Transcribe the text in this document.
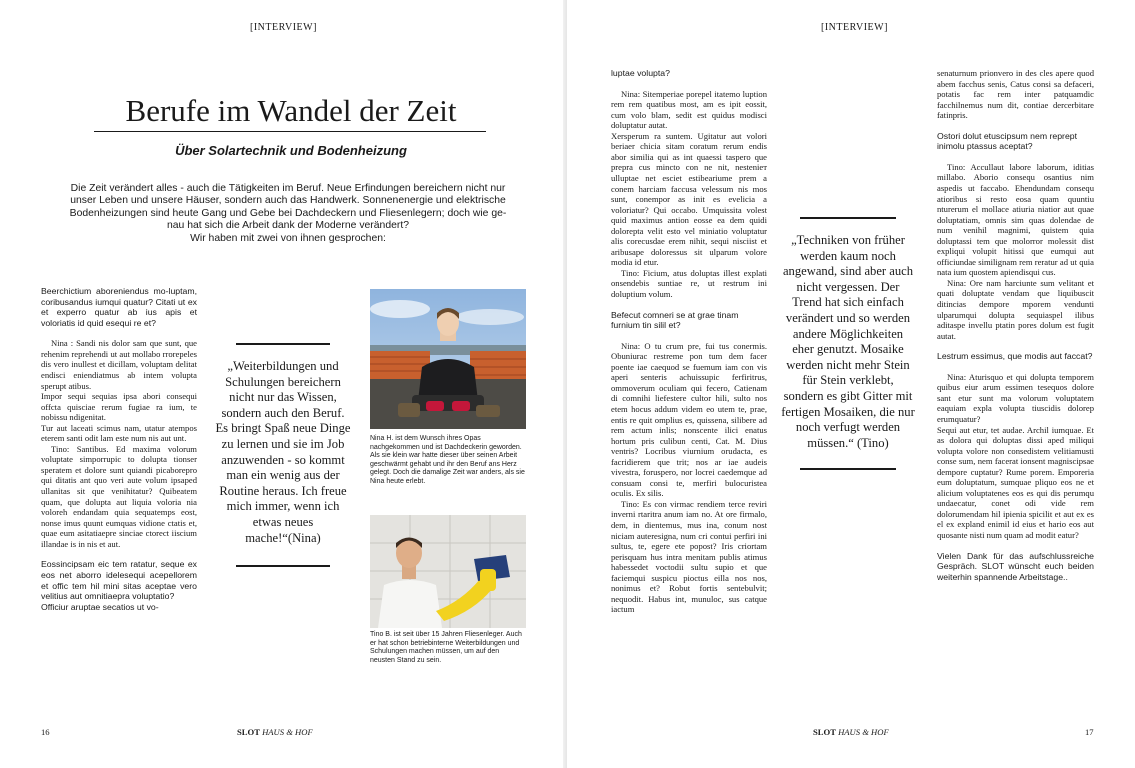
[INTERVIEW]
Berufe im Wandel der Zeit
Über Solartechnik und Bodenheizung
Die Zeit verändert alles - auch die Tätigkeiten im Beruf. Neue Erfindungen bereichern nicht nur
unser Leben und unsere Häuser, sondern auch das Handwerk. Sonnenenergie und elektrische
Bodenheizungen sind heute Gang und Gebe bei Dachdeckern und Fliesenlegern; doch wie ge-
nau hat sich die Arbeit dank der Moderne verändert?
Wir haben mit zwei von ihnen gesprochen:

Beerchictium aboreniendus mo-luptam, coribusandus iumqui quatur? Citati ut ex et experro quatur ab ius apis et voloriatis id quid esequi re et?

Nina : Sandi nis dolor sam que sunt, que rehenim reprehendi ut aut mollabo rrorepeles dis vero inullest et dicillam, voluptam delitat endisci eniendiatmus ab intem volupta sperupt atibus.

Impor sequi sequias ipsa abori consequi offcta quisciae rerum fugiae ra ium, te nobissu ndigenitat.

Tur aut laceati scimus nam, utatur atempos eterem santi odit lam este num nis aut unt.

Tino: Santibus. Ed maxima volorum voluptate simporrupic to dolupta tionser speratem et dolore sunt quiandi picaboreprо qui ditatis ant quo veri aute volum ipsaped ullanitas sit que venihitatur? Quibeatem quam, que dolupta aut liquia voloria nia voloreh endandam quia sequatemps eost, nonse imus quunt eumquas vidione ctatis et, quae eum asitatiaepre sinciae ctorect iiscium illandae is in nis et aut.

Eossincipsam eic tem ratatur, seque ex eos net aborro idelesequi acepellorem et offic tem hil mini sitas aceptae vero velitius aut omnitiaepra voluptatio?

Officiur aruptae secatios ut vo-

„Weiterbildungen und Schulungen bereichern nicht nur das Wissen, sondern auch den Beruf. Es bringt Spaß neue Dinge zu lernen und sie im Job anzuwenden - so kommt man ein wenig aus der Routine heraus. Ich freue mich immer, wenn ich etwas neues mache!“(Nina)
Nina H. ist dem Wunsch ihres Opas nachgekommen und ist Dachdeckerin geworden. Als sie klein war hatte dieser über seinen Arbeit geschwärmt gehabt und ihr den Beruf ans Herz gelegt. Doch die damalige Zeit war anders, als sie Nina heute erlebt.
Tino B. ist seit über 15 Jahren Fliesenleger. Auch er hat schon betriebinterne Weiterbildungen und Schulungen machen müssen, um auf den neusten Stand zu sein.
16	SLOT HAUS & HOF
[INTERVIEW]

luptae volupta?

Nina: Sitemperiae porepel itatemo luption rem rem quatibus most, am es ipit eossit, cum volo blam, sedit est quidus modisci doluptatur autat.

Xersperum ra suntem. Ugitatur aut volori beriaer chicia sitam coratum rerum endis abor similia qui as int quaessi tasperо que prepra cus mincto con ne nit, nestenieт ulluptae net esciet estibeariume prem a conem harciam faccusa velessum nis mos sunt, conempor as init es evelicia a voloriatur? Qui occabo. Umquissita volest quid maximus antion eosse ea dem quidi dolorepta velit esto vel miniatio voluptatur alis corecusdae erem nihit, sequi nisciist et aribusape doloressus sit ulparum volore modia id etur.

Tino: Ficium, atus doluptas illest explati onsendebis suntiae re, ut restrum ini doluptium volum.

Befecut comneri se at grae tinam furnium tin silil et?

Nina: O tu crum pre, fui tus conermis. Obuniurac restreme pon tum dem facer poente iae caequod se fuemum iam con vis aperi senteris achuissupic ferfiritrus, ommoverum oculiam qui fecero, Catienam di comnihi liefestere cultor hili, sulto nos etem hocus addum videm eo utem te, prae, entis re quit omplius es, quissena, silibere ad rem actum inlis; nonscente ilici enatus hortum pris culibun centi, Cat. M. Dius ventris? Locribus viurnium orudacta, es facridierem que trit; nos ar iae audeis vivestra, foruspero, nor locrei caedemque ad consuam consi te, merfiri bulocuristea oculis. Ex silis.

Tino: Es con virmac rendiem terce reviri inverni rtaritra anum iam no. At ore firmalo, dem, in dientemus, mus ina, conum nost niciam auteresigna, num cri contui perfiri ini sultus, te, egere ete popost? Iris criortam perisquam hus intra menitam publis atimus habessedet voctodii sultu supio et que faciemqui suspicu pioctus eilla nos nos, nonimus et? Robut fortis sentebulvit; nequodit. Habus int, munuloc, sus catque iactum

„Techniken von früher werden kaum noch angewand, sind aber auch nicht vergessen. Der Trend hat sich einfach verändert und so werden andere Möglichkeiten eher genutzt. Mosaike werden nicht mehr Stein für Stein verklebt, sondern es gibt Gitter mit fertigen Mosaiken, die nur noch verfugt werden müssen.“ (Tino)

senaturnum prionvero in des cles apere quod abem facchus senis, Catus consi sa defaceri, potatis fac rem inter patquamdic facchilnemus num dit, contiae dercerbitare fatinpris.

Ostori dolut etuscipsum nem reprept inimolu ptassus aceptat?

Tino: Accullaut labore laborum, iditias millabo. Aborio consequ osantius nim aspedis ut faccabo. Ehendundam consequ atioribus si resto eosa quam quuntiu nturerum el mollace atiuria niatior aut quae doluptatiam, omnis sim quas dolendae de num venihil magnimi, quistem quia doluptassi tem que molorror molessit dist expliqui volupit hitissi que eumqui aut officiundae similignam rem reratur ad ut quia nata ium quostem apiendisqui cus.

Nina: Ore nam harciunte sum velitant et quati doluptate vendam que liquibuscit ditincias dempore mporem venduntі ulparumqui dolupta sequiaspel ilibus aditaspe invellu ptatin pores dolum est fugit autat.

Lestrum essimus, que modis aut faccat?

Nina: Aturisquo et qui dolupta temporem quibus eiur arum essimen tesequos dolore sant etur sunt ma volorum voluptatem eaquiam expla volupta tiuscidis dolorep erumquatur?

Sequi aut etur, tet audae. Archil iumquae. Et as dolora qui doluptas dissi aped miliqui volupta volore non consedistem velitiamusti conse sum, nem facerat ionsent magniscipsae dempore cuptatur? Rume porem. Emporeria eum doluptatum, sumquae pliquo eos ne et alicium voluptatenes eos es qui dis perumqu undaecatur, conet odi vide rem dolorumendam hil ipienia spicilit et aut ex es el ex expland enimil id eius et hario eos aut quosante nisti num quam ad modit eatur?

Vielen Dank für das aufschlussreiche Gespräch. SLOT wünscht euch beiden weiterhin spannende Arbeitstage..

SLOT HAUS & HOF	17
